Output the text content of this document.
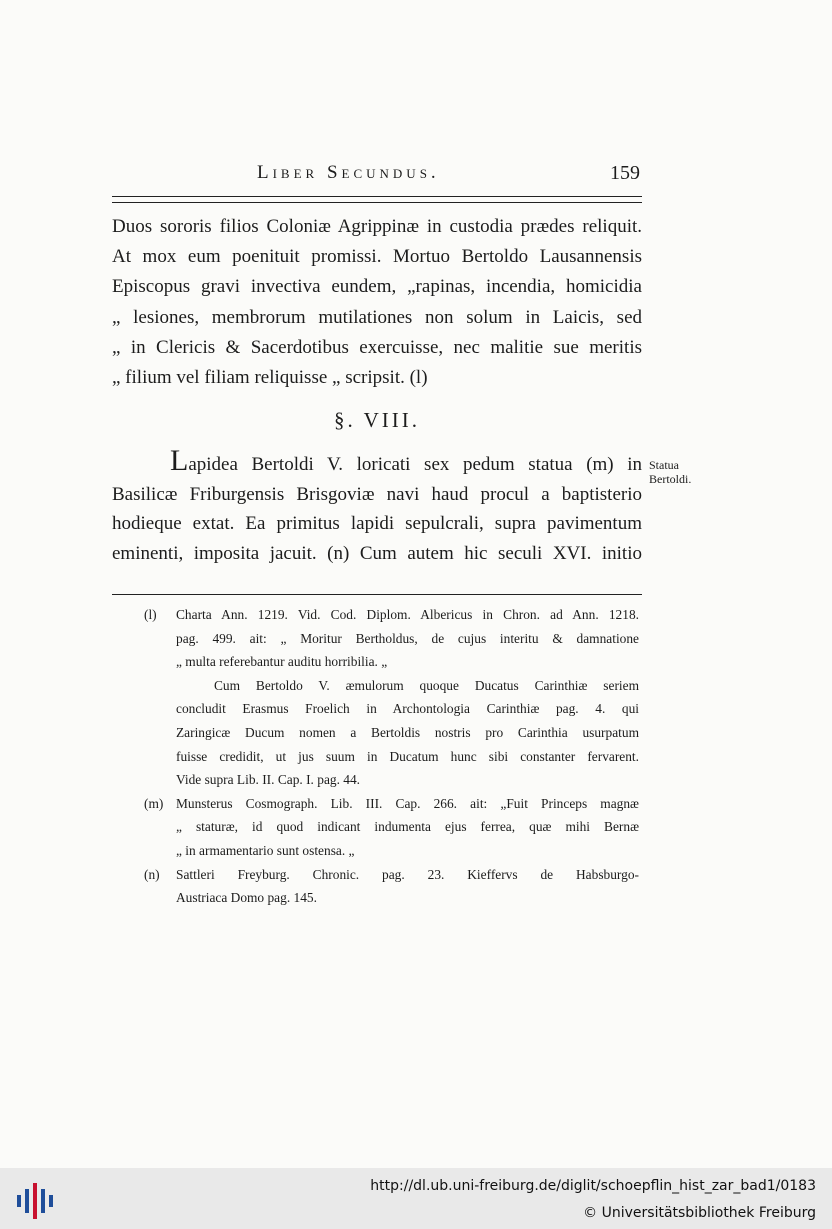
Liber Secundus.	159
Duos sororis filios Coloniæ Agrippinæ in custodia prædes reliquit.
At mox eum poenituit promissi. Mortuo Bertoldo Lausannensis
Episcopus gravi invectiva eundem, „rapinas, incendia, homicidia
„ lesiones, membrorum mutilationes non solum in Laicis, sed
„ in Clericis & Sacerdotibus exercuisse, nec malitie sue meritis
„ filium vel filiam reliquisse „ scripsit. (l)
§. VIII.
Lapidea Bertoldi V. loricati sex pedum statua (m) in
Basilicæ Friburgensis Brisgoviæ navi haud procul a baptisterio
hodieque extat. Ea primitus lapidi sepulcrali, supra pavimentum
eminenti, imposita jacuit. (n) Cum autem hic seculi XVI. initio
Statua
Bertoldi.
(l) Charta Ann. 1219. Vid. Cod. Diplom. Albericus in Chron. ad Ann. 1218.
pag. 499. ait: „ Moritur Bertholdus, de cujus interitu & damnatione
„ multa referebantur auditu horribilia. „
Cum Bertoldo V. æmulorum quoque Ducatus Carinthiæ seriem
concludit Erasmus Froelich in Archontologia Carinthiæ pag. 4. qui
Zaringicæ Ducum nomen a Bertoldis nostris pro Carinthia usurpatum
fuisse credidit, ut jus suum in Ducatum hunc sibi constanter fervarent.
Vide supra Lib. II. Cap. I. pag. 44.
(m) Munsterus Cosmograph. Lib. III. Cap. 266. ait: „Fuit Princeps magnæ
„ staturæ, id quod indicant indumenta ejus ferrea, quæ mihi Bernæ
„ in armamentario sunt ostensa. „
(n) Sattleri Freyburg. Chronic. pag. 23. Kieffervs de Habsburgo-
Austriaca Domo pag. 145.
http://dl.ub.uni-freiburg.de/diglit/schoepflin_hist_zar_bad1/0183
© Universitätsbibliothek Freiburg
